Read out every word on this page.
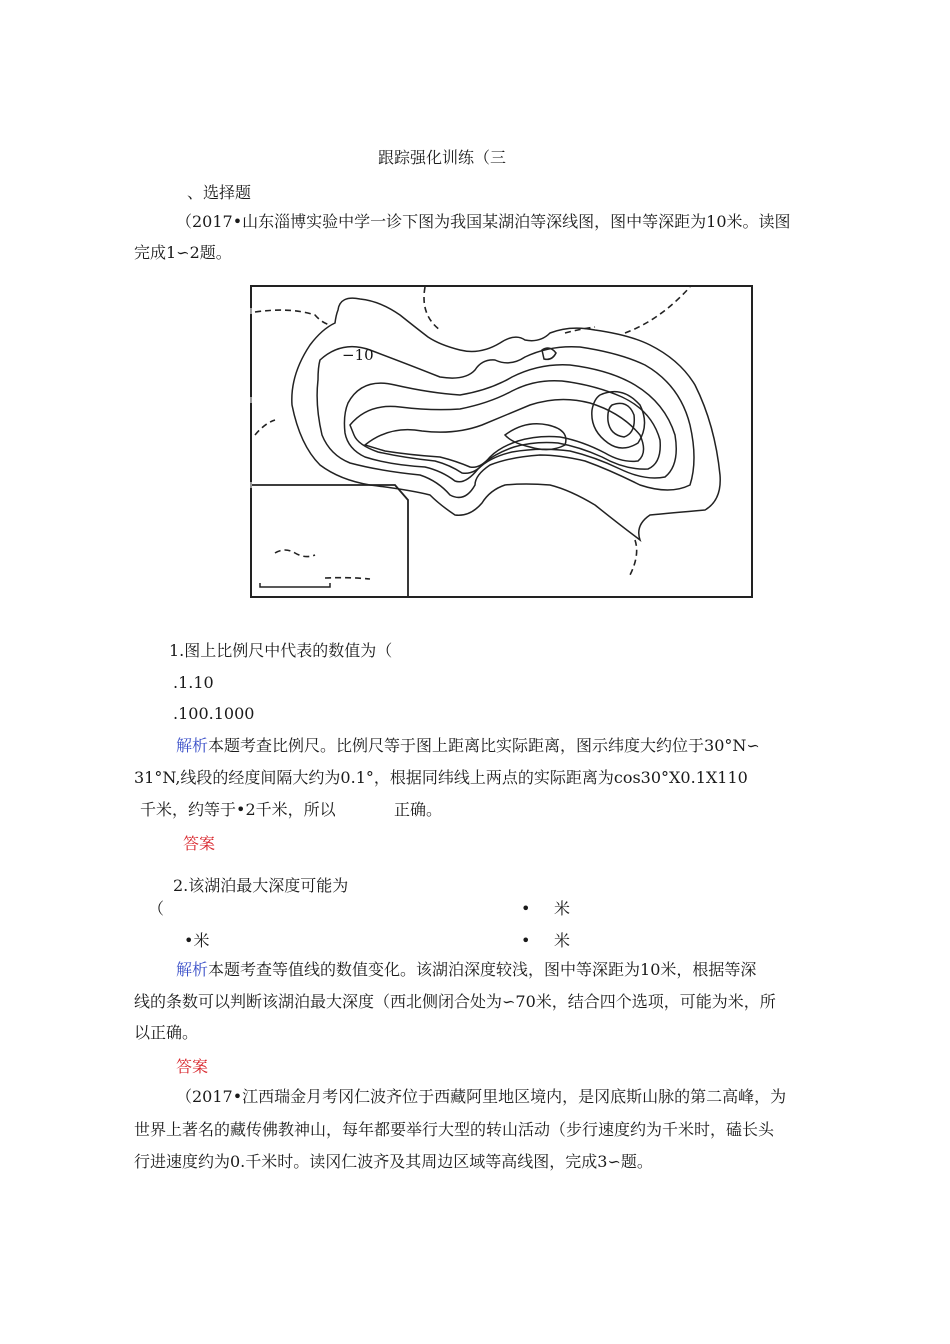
跟踪强化训练（三
、选择题
（2017•山东淄博实验中学一诊下图为我国某湖泊等深线图，图中等深距为10米。读图
完成1∽2题。
−10
1.图上比例尺中代表的数值为（
.1.10
.100.1000
解析本题考查比例尺。比例尺等于图上距离比实际距离，图示纬度大约位于30°N∽
31°N,线段的经度间隔大约为0.1°，根据同纬线上两点的实际距离为cos30°X0.1X110
千米，约等于•2千米，所以	正确。
答案
2.该湖泊最大深度可能为
（	• 米
•米	• 米
解析本题考查等值线的数值变化。该湖泊深度较浅，图中等深距为10米，根据等深
线的条数可以判断该湖泊最大深度（西北侧闭合处为∽70米，结合四个选项，可能为米，所
以正确。
答案
（2017•江西瑞金月考冈仁波齐位于西藏阿里地区境内，是冈底斯山脉的第二高峰，为
世界上著名的藏传佛教神山，每年都要举行大型的转山活动（步行速度约为千米时，磕长头
行进速度约为0.千米时。读冈仁波齐及其周边区域等高线图，完成3∽题。
